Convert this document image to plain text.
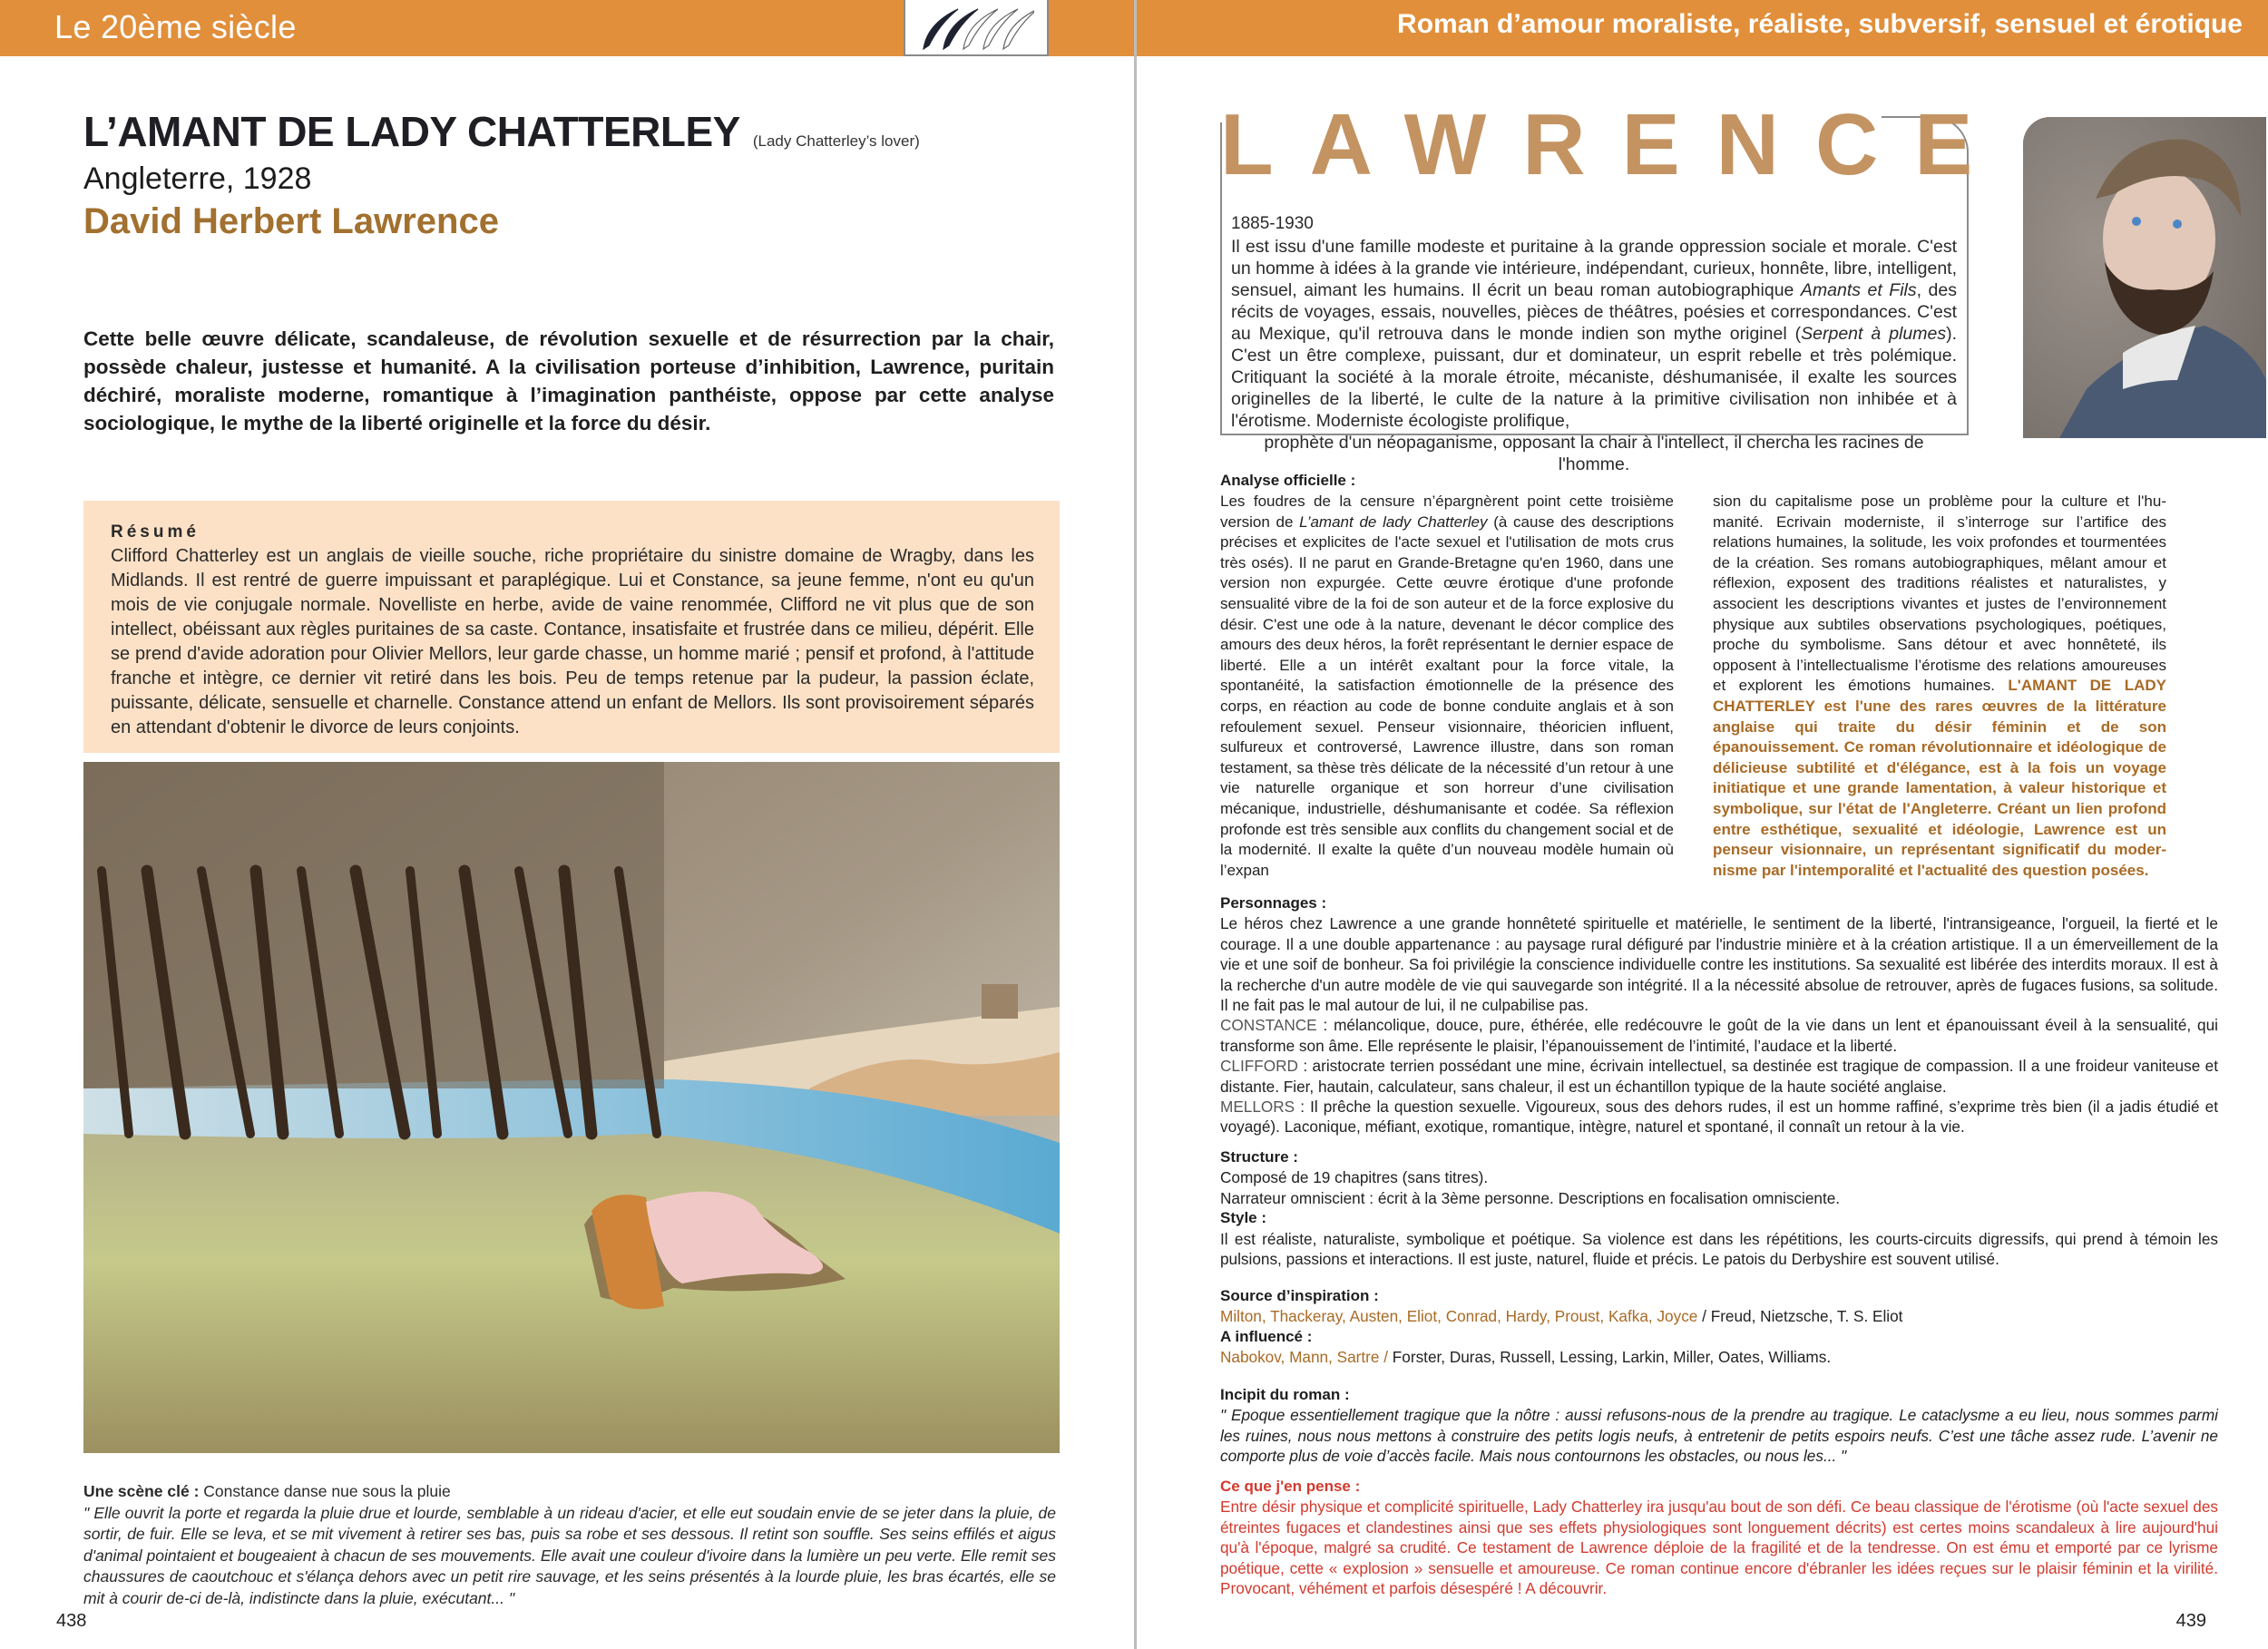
Le 20ème siècle
L’AMANT DE LADY CHATTERLEY (Lady Chatterley’s lover)
Angleterre, 1928
David Herbert Lawrence
Cette belle œuvre délicate, scandaleuse, de révolution sexuelle et de résurrection par la chair, possède chaleur, justesse et humanité. A la civilisation porteuse d’inhibition, Lawrence, puritain déchiré, moraliste moderne, romantique à l’imagination panthéiste, oppose par cette analyse sociologique, le mythe de la liberté originelle et la force du désir.
Résumé
Clifford Chatterley est un anglais de vieille souche, riche propriétaire du sinistre domaine de Wragby, dans les Midlands. Il est rentré de guerre impuissant et paraplégique. Lui et Constance, sa jeune femme, n'ont eu qu'un mois de vie conjugale normale. Novelliste en herbe, avide de vaine renommée, Clifford ne vit plus que de son intellect, obéissant aux règles puritaines de sa caste. Contance, insatisfaite et frustrée dans ce milieu, dépérit. Elle se prend d'avide adoration pour Olivier Mellors, leur garde chasse, un homme marié ; pensif et profond, à l'attitude franche et intègre, ce dernier vit retiré dans les bois. Peu de temps retenue par la pudeur, la passion éclate, puissante, délicate, sensuelle et charnelle. Constance attend un enfant de Mellors. Ils sont provisoirement séparés en attendant d'obtenir le divorce de leurs conjoints.
Une scène clé : Constance danse nue sous la pluie
" Elle ouvrit la porte et regarda la pluie drue et lourde, semblable à un rideau d'acier, et elle eut soudain envie de se jeter dans la pluie, de sortir, de fuir. Elle se leva, et se mit vivement à retirer ses bas, puis sa robe et ses dessous. Il retint son souffle. Ses seins effilés et aigus d'animal pointaient et bougeaient à chacun de ses mouvements. Elle avait une couleur d'ivoire dans la lumière un peu verte. Elle remit ses chaussures de caoutchouc et s'élança dehors avec un petit rire sauvage, et les seins présentés à la lourde pluie, les bras écartés, elle se mit à courir de-ci de-là, indistincte dans la pluie, exécutant... "
438
Roman d’amour moraliste, réaliste, subversif, sensuel et érotique
LAWRENCE
1885-1930
Il est issu d'une famille modeste et puritaine à la grande oppression sociale et morale. C'est un homme à idées à la grande vie intérieure, indépendant, curieux, honnête, libre, intelligent, sensuel, aimant les humains. Il écrit un beau roman autobiographique Amants et Fils, des récits de voyages, essais, nouvelles, pièces de théâtres, poésies et correspondances. C'est au Mexique, qu'il retrouva dans le monde indien son mythe originel (Serpent à plumes). C'est un être complexe, puissant, dur et dominateur, un esprit rebelle et très polémique. Critiquant la société à la morale étroite, mécaniste, déshumanisée, il exalte les sources originelles de la liberté, le culte de la nature à la primitive civilisation non inhibée et à l'érotisme. Moderniste écologiste prolifique,
prophète d'un néopaganisme, opposant la chair à l'intellect, il chercha les racines de l'homme.
Analyse officielle :
Les foudres de la censure n’épargnèrent point cette troisième version de L’amant de lady Chatterley (à cause des descriptions précises et explicites de l'acte sexuel et l'utilisation de mots crus très osés). Il ne parut en Grande-Bretagne qu'en 1960, dans une version non expurgée. Cette œuvre érotique d'une profonde sensualité vibre de la foi de son auteur et de la force explosive du désir. C'est une ode à la nature, devenant le décor complice des amours des deux héros, la forêt représentant le dernier espace de liberté. Elle a un intérêt exaltant pour la force vitale, la spontanéité, la satisfaction émotionnelle de la présence des corps, en réaction au code de bonne conduite anglais et à son refoulement sexuel. Penseur visionnaire, théoricien influent, sulfureux et controversé, Lawrence illustre, dans son roman testament, sa thèse très délicate de la nécessité d’un retour à une vie naturelle organique et son horreur d’une civilisation mécanique, industrielle, déshumanisante et codée. Sa réflexion profonde est très sensible aux conflits du changement social et de la modernité. Il exalte la quête d’un nouveau modèle humain où l’expan
sion du capitalisme pose un problème pour la culture et l'humanité. Ecrivain moderniste, il s’interroge sur l’artifice des relations humaines, la solitude, les voix profondes et tourmentées de la création. Ses romans autobiographiques, mêlant amour et réflexion, exposent des traditions réalistes et naturalistes, y associent les descriptions vivantes et justes de l’environnement physique aux subtiles observations psychologiques, poétiques, proche du symbolisme. Sans détour et avec honnêteté, ils opposent à l’intellectualisme l’érotisme des relations amoureuses et explorent les émotions humaines. L'AMANT DE LADY CHATTERLEY est l'une des rares œuvres de la littérature anglaise qui traite du désir féminin et de son épanouissement. Ce roman révolutionnaire et idéologique de délicieuse subtilité et d'élégance, est à la fois un voyage initiatique et une grande lamentation, à valeur historique et symbolique, sur l'état de l'Angleterre. Créant un lien profond entre esthétique, sexualité et idéologie, Lawrence est un penseur visionnaire, un représentant significatif du modernisme par l'intemporalité et l'actualité des question posées.
Personnages :
Le héros chez Lawrence a une grande honnêteté spirituelle et matérielle, le sentiment de la liberté, l'intransigeance, l'orgueil, la fierté et le courage. Il a une double appartenance : au paysage rural défiguré par l'industrie minière et à la création artistique. Il a un émerveillement de la vie et une soif de bonheur. Sa foi privilégie la conscience individuelle contre les institutions. Sa sexualité est libérée des interdits moraux. Il est à la recherche d'un autre modèle de vie qui sauvegarde son intégrité. Il a la nécessité absolue de retrouver, après de fugaces fusions, sa solitude. Il ne fait pas le mal autour de lui, il ne culpabilise pas.
CONSTANCE : mélancolique, douce, pure, éthérée, elle redécouvre le goût de la vie dans un lent et épanouissant éveil à la sensualité, qui transforme son âme. Elle représente le plaisir, l’épanouissement de l’intimité, l’audace et la liberté.
CLIFFORD : aristocrate terrien possédant une mine, écrivain intellectuel, sa destinée est tragique de compassion. Il a une froideur vaniteuse et distante. Fier, hautain, calculateur, sans chaleur, il est un échantillon typique de la haute société anglaise.
MELLORS : Il prêche la question sexuelle. Vigoureux, sous des dehors rudes, il est un homme raffiné, s’exprime très bien (il a jadis étudié et voyagé). Laconique, méfiant, exotique, romantique, intègre, naturel et spontané, il connaît un retour à la vie.
Structure :
Composé de 19 chapitres (sans titres).
Narrateur omniscient : écrit à la 3ème personne. Descriptions en focalisation omnisciente.
Style :
Il est réaliste, naturaliste, symbolique et poétique. Sa violence est dans les répétitions, les courts-circuits digressifs, qui prend à témoin les pulsions, passions et interactions. Il est juste, naturel, fluide et précis. Le patois du Derbyshire est souvent utilisé.
Source d’inspiration :
Milton, Thackeray, Austen, Eliot, Conrad, Hardy, Proust, Kafka, Joyce / Freud, Nietzsche, T. S. Eliot
A influencé :
Nabokov, Mann, Sartre / Forster, Duras, Russell, Lessing, Larkin, Miller, Oates, Williams.
Incipit du roman :
" Epoque essentiellement tragique que la nôtre : aussi refusons-nous de la prendre au tragique. Le cataclysme a eu lieu, nous sommes parmi les ruines, nous nous mettons à construire des petits logis neufs, à entretenir de petits espoirs neufs. C’est une tâche assez rude. L’avenir ne comporte plus de voie d’accès facile. Mais nous contournons les obstacles, ou nous les... "
Ce que j'en pense :
Entre désir physique et complicité spirituelle, Lady Chatterley ira jusqu'au bout de son défi. Ce beau classique de l'érotisme (où l'acte sexuel des étreintes fugaces et clandestines ainsi que ses effets physiologiques sont longuement décrits) est certes moins scandaleux à lire aujourd'hui qu'à l'époque, malgré sa crudité. Ce testament de Lawrence déploie de la fragilité et de la tendresse. On est ému et emporté par ce lyrisme poétique, cette « explosion » sensuelle et amoureuse. Ce roman continue encore d'ébranler les idées reçues sur le plaisir féminin et la virilité. Provocant, véhément et parfois désespéré ! A découvrir.
439
